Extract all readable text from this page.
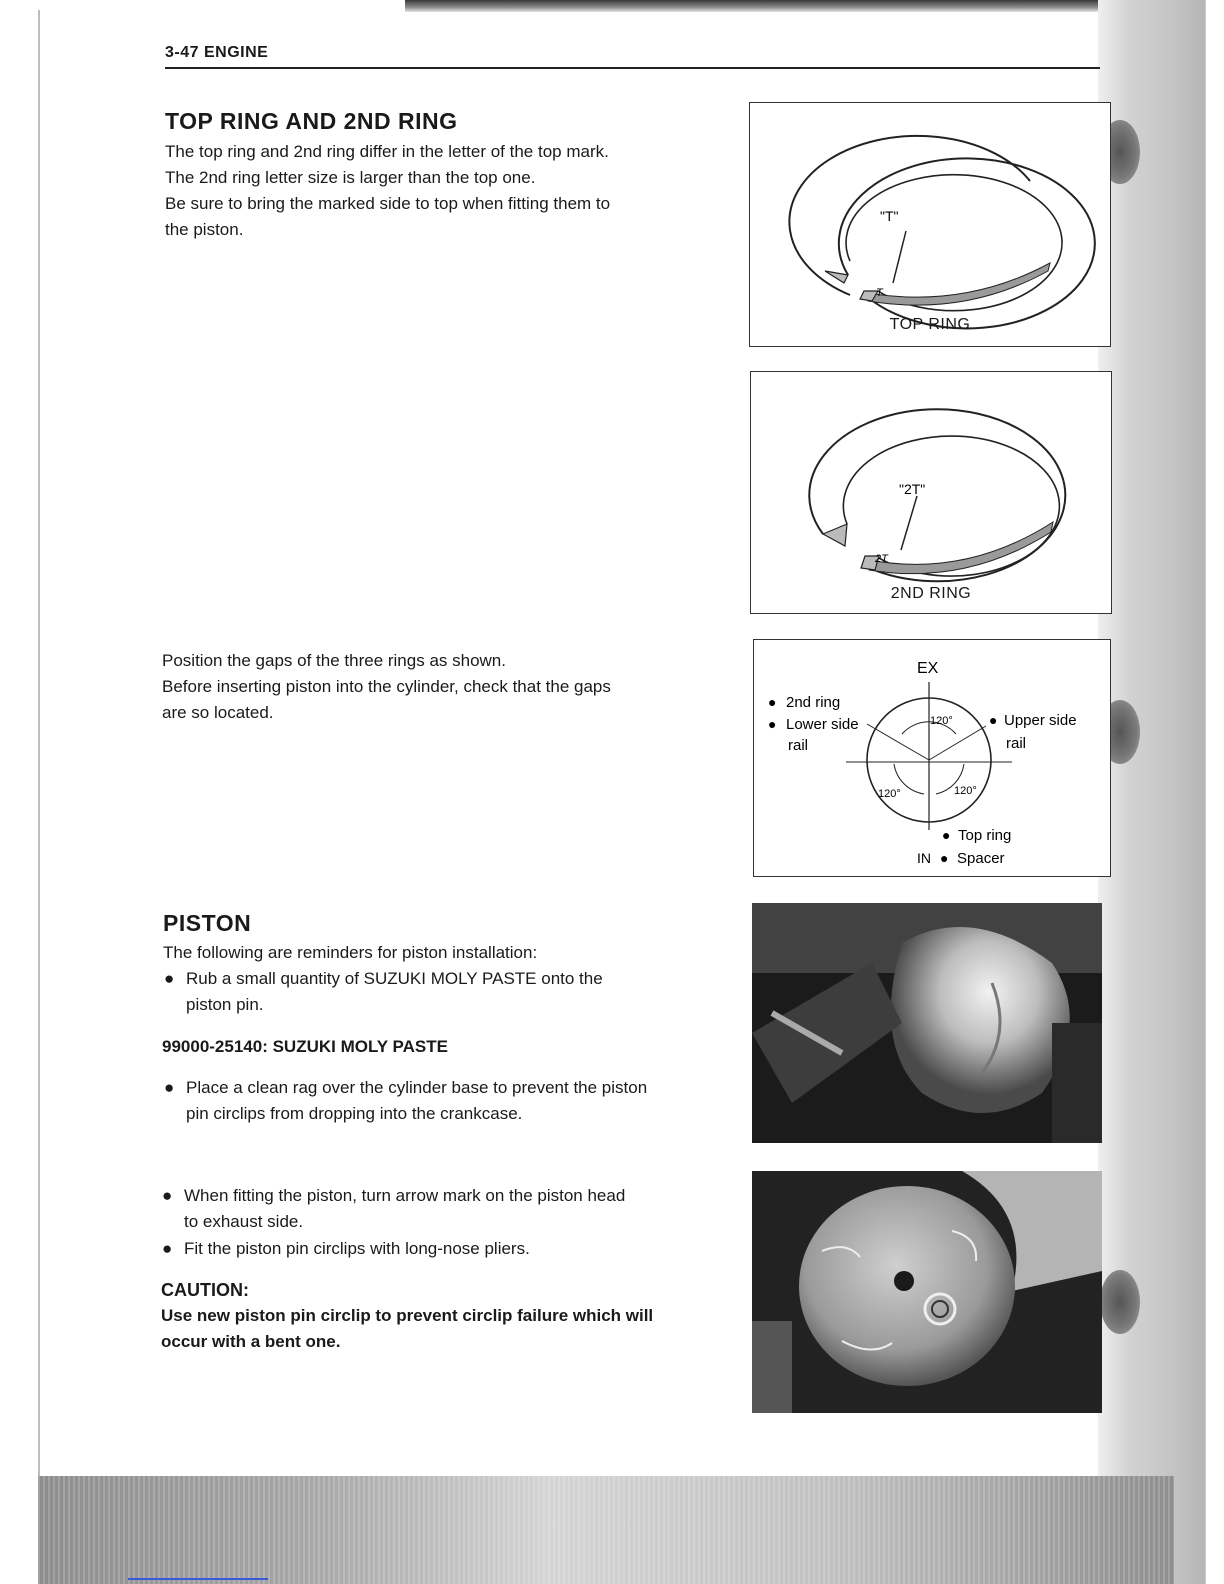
3-47 ENGINE
TOP RING AND 2ND RING
The top ring and 2nd ring differ in the letter of the top mark.
The 2nd ring letter size is larger than the top one.
Be sure to bring the marked side to top when fitting them to
the piston.
Position the gaps of the three rings as shown.
Before inserting piston into the cylinder, check that the gaps
are so located.
PISTON
The following are reminders for piston installation:
● Rub a small quantity of SUZUKI MOLY PASTE onto the
piston pin.
99000-25140: SUZUKI MOLY PASTE
● Place a clean rag over the cylinder base to prevent the piston
pin circlips from dropping into the crankcase.
● When fitting the piston, turn arrow mark on the piston head
to exhaust side.
● Fit the piston pin circlips with long-nose pliers.
CAUTION:
Use new piston pin circlip to prevent circlip failure which will
occur with a bent one.
T
"T"
TOP RING
2T
"2T"
2ND RING
EX
IN
● 2nd ring
● Lower side
rail
● Upper side
rail
● Top ring
● Spacer
120°
120°	120°
